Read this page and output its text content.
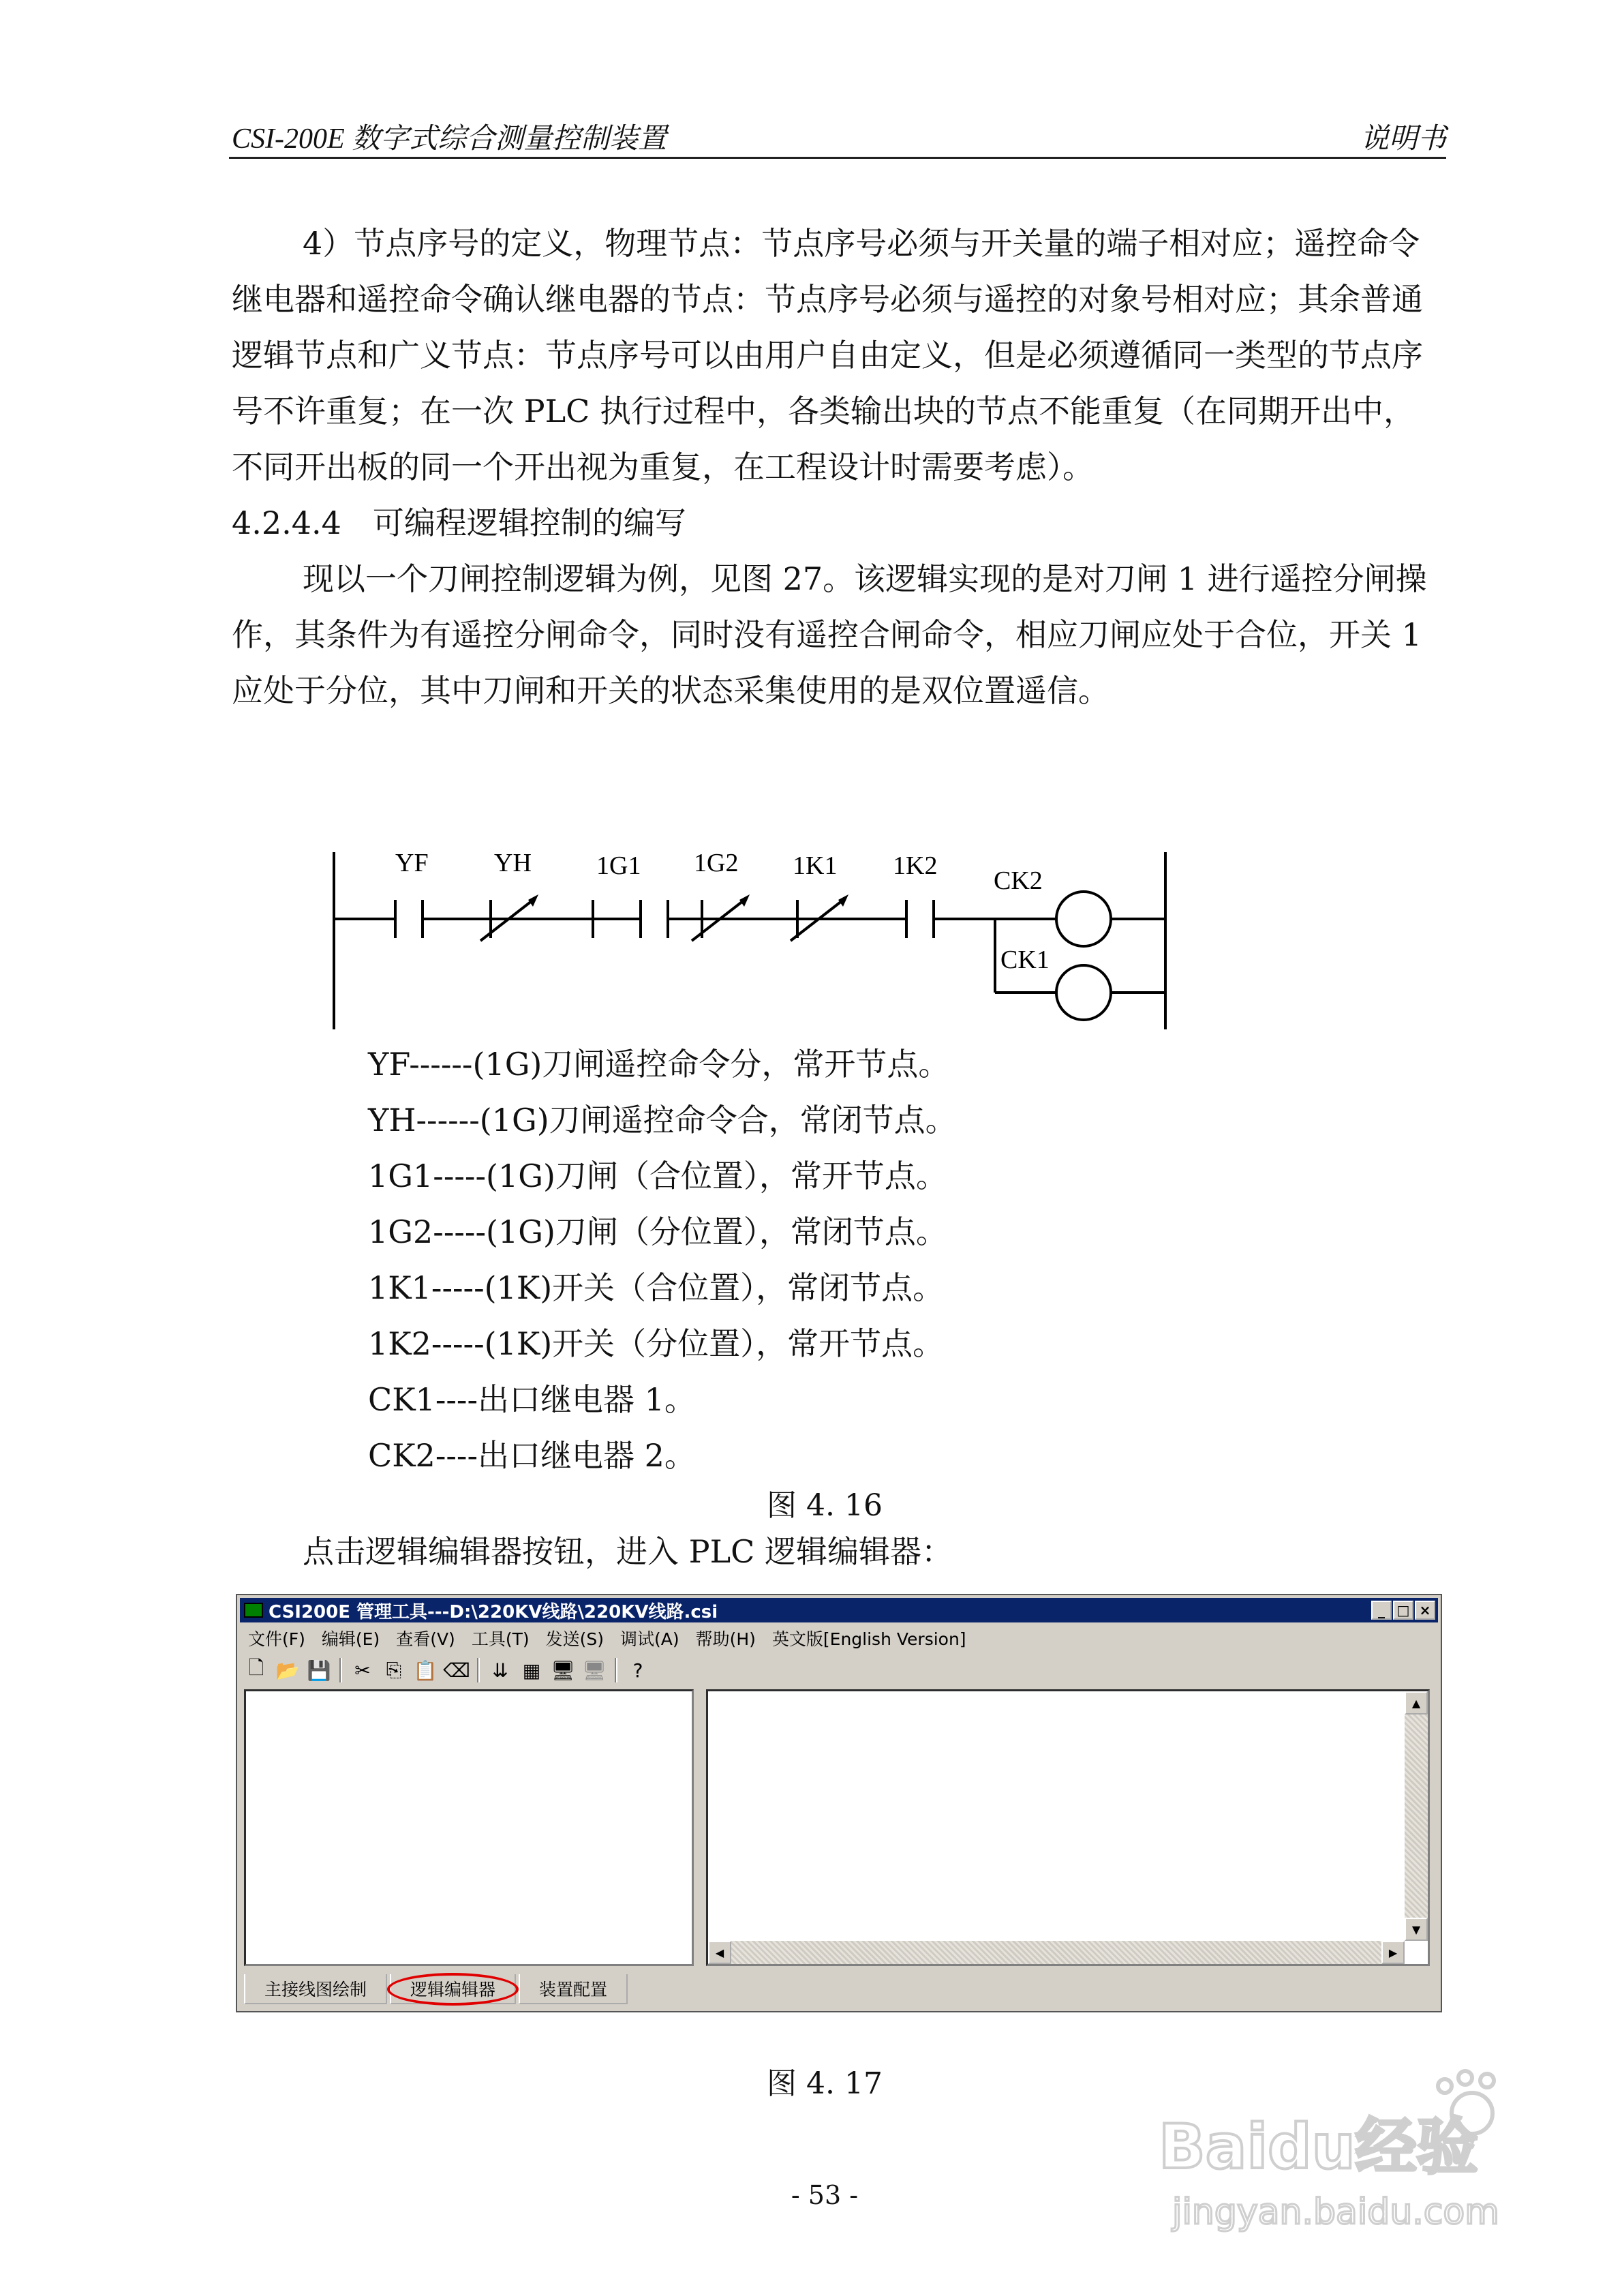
CSI-200E 数字式综合测量控制装置	说明书

4）节点序号的定义，物理节点：节点序号必须与开关量的端子相对应；遥控命令继电器和遥控命令确认继电器的节点：节点序号必须与遥控的对象号相对应；其余普通逻辑节点和广义节点：节点序号可以由用户自由定义，但是必须遵循同一类型的节点序号不许重复；在一次 PLC 执行过程中，各类输出块的节点不能重复（在同期开出中，不同开出板的同一个开出视为重复，在工程设计时需要考虑）。

4.2.4.4　可编程逻辑控制的编写

现以一个刀闸控制逻辑为例，见图 27。该逻辑实现的是对刀闸 1 进行遥控分闸操作，其条件为有遥控分闸命令，同时没有遥控合闸命令，相应刀闸应处于合位，开关 1 应处于分位，其中刀闸和开关的状态采集使用的是双位置遥信。

YF	YH	1G1 1G2 1K1 1K2
CK2
CK1
YF------(1G)刀闸遥控命令分，常开节点。
YH------(1G)刀闸遥控命令合，常闭节点。
1G1-----(1G)刀闸（合位置），常开节点。
1G2-----(1G)刀闸（分位置），常闭节点。
1K1-----(1K)开关（合位置），常闭节点。
1K2-----(1K)开关（分位置），常开节点。
CK1----出口继电器 1。
CK2----出口继电器 2。
图 4. 16
点击逻辑编辑器按钮，进入 PLC 逻辑编辑器：
CSI200E 管理工具---D:\220KV线路\220KV线路.csi	_ □ ×
文件(F) 编辑(E) 查看(V) 工具(T) 发送(S) 调试(A) 帮助(H) 英文版[English Version]
🗋 📂 💾 ✂ ⎘ 📋 ⌫ ⇊ ▦ 🖥 🖥	?
▲
▼
◀	▶
主接线图绘制	逻辑编辑器	装置配置
图 4. 17
- 53 -
Baidu经验
jingyan.baidu.com
